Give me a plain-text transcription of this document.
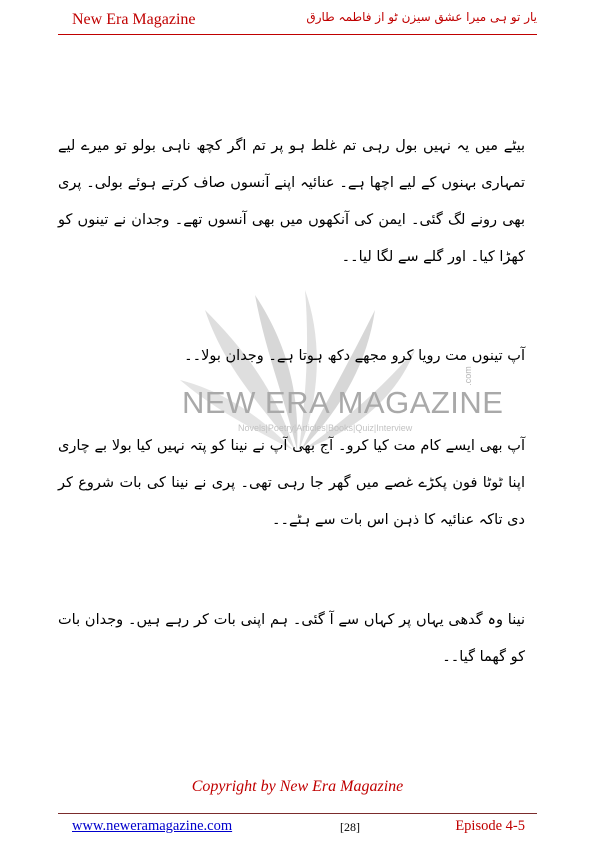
New Era Magazine	یار تو ہی میرا عشق سیزن ٹو از فاطمہ طارق
NEW ERA MAGAZINE
.com
Novels|Poetry|Articles|Books|Quiz|Interview

بیٹے میں یہ نہیں بول رہی تم غلط ہو پر تم اگر کچھ ناہی بولو تو میرے لیے تمہاری بہنوں کے لیے اچھا ہے۔ عنائیہ اپنے آنسوں صاف کرتے ہوئے بولی۔ پری بھی رونے لگ گئی۔ ایمن کی آنکھوں میں بھی آنسوں تھے۔ وجدان نے تینوں کو کھڑا کیا۔ اور گلے سے لگا لیا۔۔

آپ تینوں مت رویا کرو مجھے دکھ ہوتا ہے۔ وجدان بولا۔۔

آپ بھی ایسے کام مت کیا کرو۔ آج بھی آپ نے نینا کو پتہ نہیں کیا بولا بے چاری اپنا ٹوٹا فون پکڑے غصے میں گھر جا رہی تھی۔ پری نے نینا کی بات شروع کر دی تاکہ عنائیہ کا ذہن اس بات سے ہٹے۔۔

نینا وہ گدھی یہاں پر کہاں سے آ گئی۔ ہم اپنی بات کر رہے ہیں۔ وجدان بات کو گھما گیا۔۔

Copyright by New Era Magazine
www.neweramagazine.com	[28]	Episode 4-5
